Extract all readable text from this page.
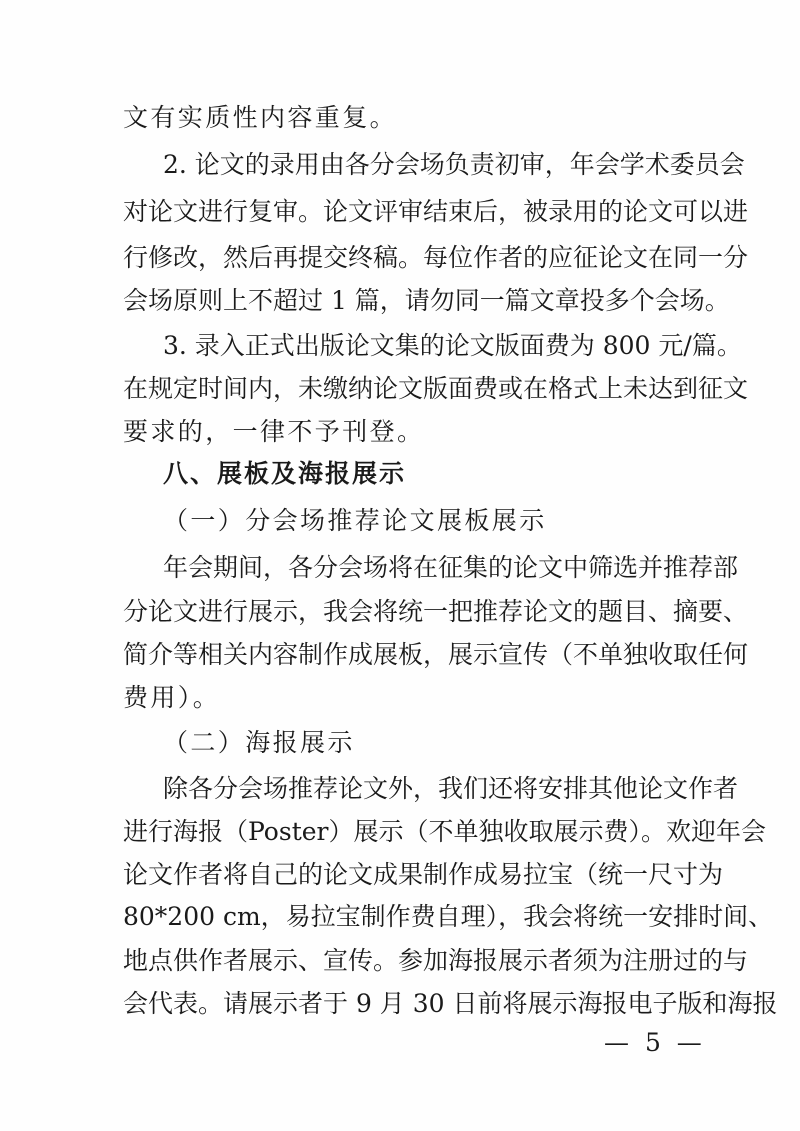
文有实质性内容重复。
2. 论文的录用由各分会场负责初审，年会学术委员会
对论文进行复审。论文评审结束后，被录用的论文可以进
行修改，然后再提交终稿。每位作者的应征论文在同一分
会场原则上不超过 1 篇，请勿同一篇文章投多个会场。
3. 录入正式出版论文集的论文版面费为 800 元/篇。
在规定时间内，未缴纳论文版面费或在格式上未达到征文
要求的，一律不予刊登。
八、展板及海报展示
（一）分会场推荐论文展板展示
年会期间，各分会场将在征集的论文中筛选并推荐部
分论文进行展示，我会将统一把推荐论文的题目、摘要、
简介等相关内容制作成展板，展示宣传（不单独收取任何
费用）。
（二）海报展示
除各分会场推荐论文外，我们还将安排其他论文作者
进行海报（Poster）展示（不单独收取展示费）。欢迎年会
论文作者将自己的论文成果制作成易拉宝（统一尺寸为
80*200 cm，易拉宝制作费自理），我会将统一安排时间、
地点供作者展示、宣传。参加海报展示者须为注册过的与
会代表。请展示者于 9 月 30 日前将展示海报电子版和海报
— 5 —
